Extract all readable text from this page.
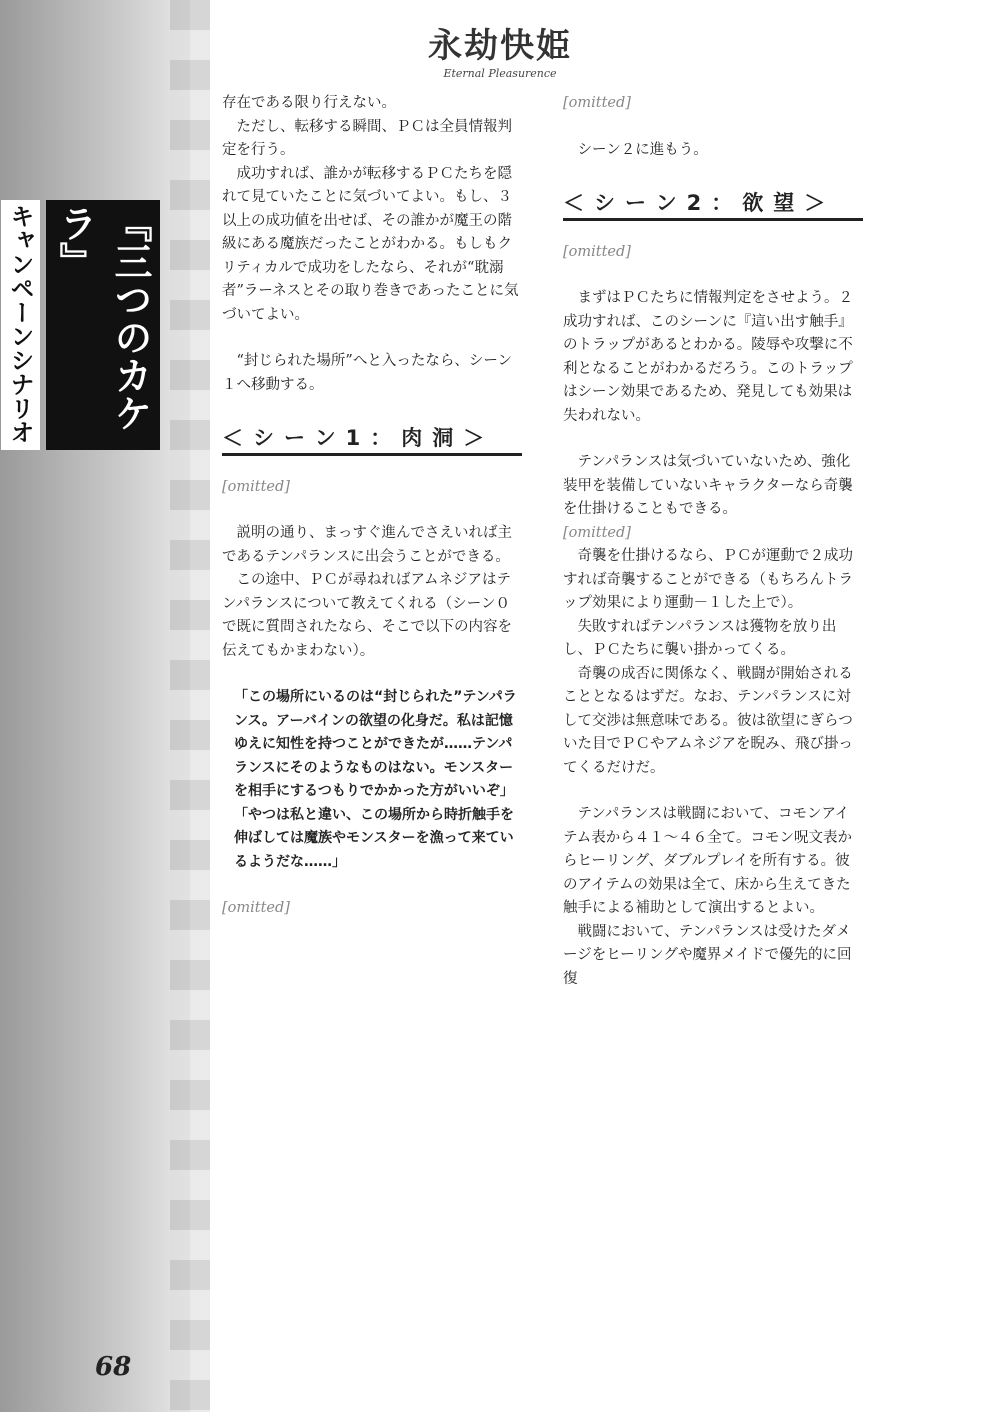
『三つのカケラ』
キャンペーンシナリオ
永劫快姫
Eternal Pleasurence

存在である限り行えない。

ただし、転移する瞬間、ＰＣは全員情報判定を行う。

成功すれば、誰かが転移するＰＣたちを隠れて見ていたことに気づいてよい。もし、３以上の成功値を出せば、その誰かが魔王の階級にある魔族だったことがわかる。もしもクリティカルで成功をしたなら、それが“耽溺者”ラーネスとその取り巻きであったことに気づいてよい。

“封じられた場所”へと入ったなら、シーン１へ移動する。

＜シーン1：肉洞＞

[omitted]

説明の通り、まっすぐ進んでさえいれば主であるテンパランスに出会うことができる。

この途中、ＰＣが尋ねればアムネジアはテンパランスについて教えてくれる（シーン０で既に質問されたなら、そこで以下の内容を伝えてもかまわない）。

「この場所にいるのは“封じられた”テンパランス。アーバインの欲望の化身だ。私は記憶ゆえに知性を持つことができたが……テンパランスにそのようなものはない。モンスターを相手にするつもりでかかった方がいいぞ」

「やつは私と違い、この場所から時折触手を伸ばしては魔族やモンスターを漁って来ているようだな……」

[omitted]

[omitted]

シーン２に進もう。

＜シーン2：欲望＞

[omitted]

まずはＰＣたちに情報判定をさせよう。２成功すれば、このシーンに『這い出す触手』のトラップがあるとわかる。陵辱や攻撃に不利となることがわかるだろう。このトラップはシーン効果であるため、発見しても効果は失われない。

テンパランスは気づいていないため、強化装甲を装備していないキャラクターなら奇襲を仕掛けることもできる。

[omitted]

奇襲を仕掛けるなら、ＰＣが運動で２成功すれば奇襲することができる（もちろんトラップ効果により運動－１した上で）。

失敗すればテンパランスは獲物を放り出し、ＰＣたちに襲い掛かってくる。

奇襲の成否に関係なく、戦闘が開始されることとなるはずだ。なお、テンパランスに対して交渉は無意味である。彼は欲望にぎらついた目でＰＣやアムネジアを睨み、飛び掛ってくるだけだ。

テンパランスは戦闘において、コモンアイテム表から４１～４６全て。コモン呪文表からヒーリング、ダブルプレイを所有する。彼のアイテムの効果は全て、床から生えてきた触手による補助として演出するとよい。

戦闘において、テンパランスは受けたダメージをヒーリングや魔界メイドで優先的に回復

68
